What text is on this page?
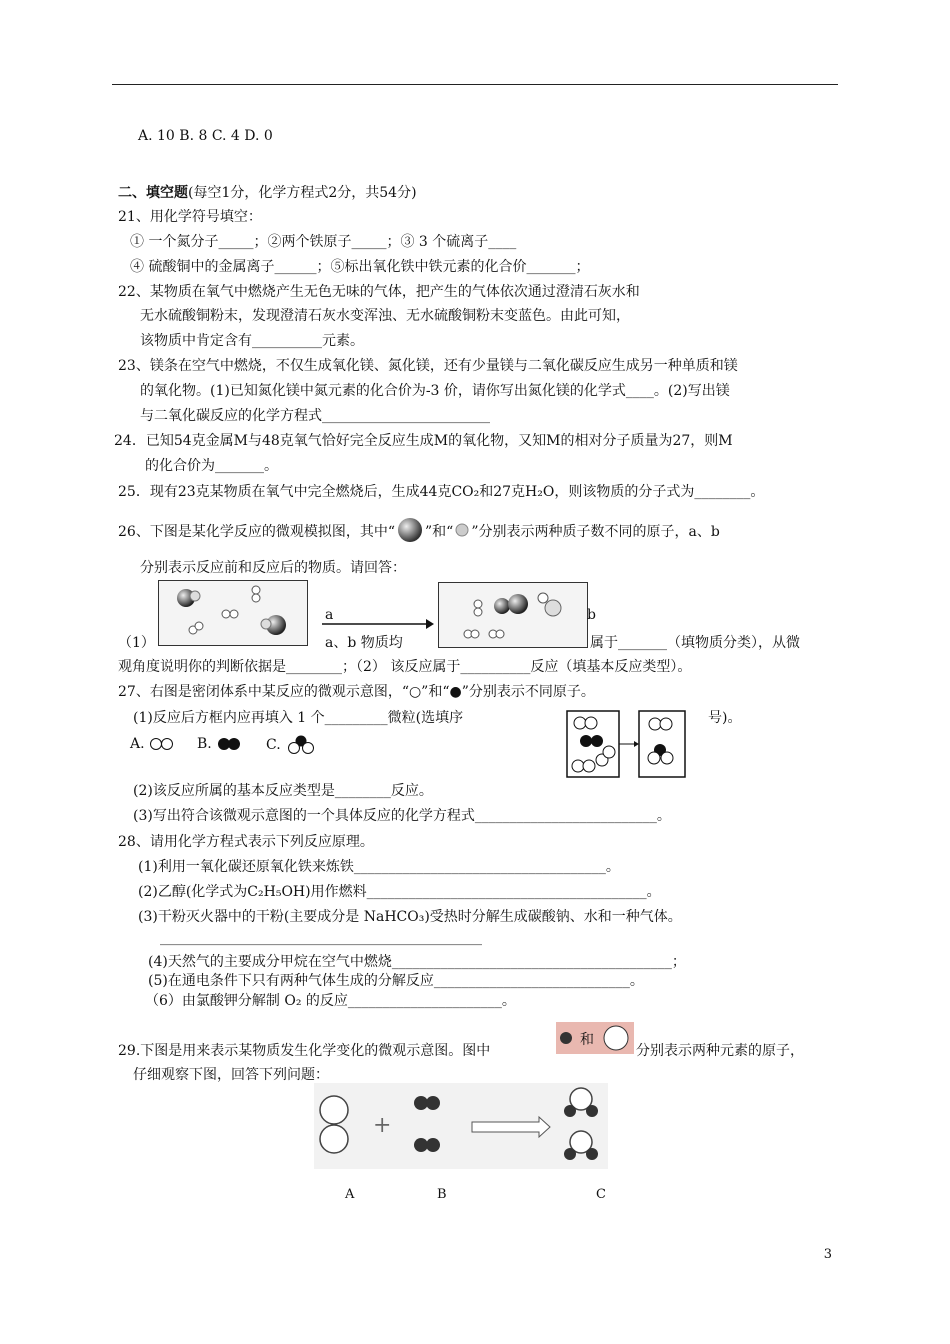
A. 10 B. 8 C. 4 D. 0
二、填空题(每空1分，化学方程式2分，共54分)
21、用化学符号填空：
① 一个氮分子_____；②两个铁原子_____；③ 3 个硫离子____
④ 硫酸铜中的金属离子______；⑤标出氧化铁中铁元素的化合价_______；
22、某物质在氧气中燃烧产生无色无味的气体，把产生的气体依次通过澄清石灰水和
无水硫酸铜粉末，发现澄清石灰水变浑浊、无水硫酸铜粉末变蓝色。由此可知，
该物质中肯定含有__________元素。
23、镁条在空气中燃烧，不仅生成氧化镁、氮化镁，还有少量镁与二氧化碳反应生成另一种单质和镁
的氧化物。(1)已知氮化镁中氮元素的化合价为-3 价，请你写出氮化镁的化学式____。(2)写出镁
与二氧化碳反应的化学方程式________________________
24．已知54克金属M与48克氧气恰好完全反应生成M的氧化物，又知M的相对分子质量为27，则M
的化合价为_______。
25．现有23克某物质在氧气中完全燃烧后，生成44克CO₂和27克H₂O，则该物质的分子式为________。
26、下图是某化学反应的微观模拟图，其中“ ”和“ ”分别表示两种质子数不同的原子，a、b
分别表示反应前和反应后的物质。请回答：
a	b
（1）	a、b 物质均	属于_______（填物质分类），从微
观角度说明你的判断依据是________；（2） 该反应属于__________反应（填基本反应类型）。
27、右图是密闭体系中某反应的微观示意图，“○”和“●”分别表示不同原子。
(1)反应后方框内应再填入 1 个_________微粒(选填序	号)。
A.	B.	C.
(2)该反应所属的基本反应类型是________反应。
(3)写出符合该微观示意图的一个具体反应的化学方程式__________________________。
28、请用化学方程式表示下列反应原理。
(1)利用一氧化碳还原氧化铁来炼铁____________________________________。
(2)乙醇(化学式为C₂H₅OH)用作燃料________________________________________。
(3)干粉灭火器中的干粉(主要成分是 NaHCO₃)受热时分解生成碳酸钠、水和一种气体。
______________________________________________
(4)天然气的主要成分甲烷在空气中燃烧________________________________________；
(5)在通电条件下只有两种气体生成的分解反应____________________________。
（6）由氯酸钾分解制 O₂ 的反应______________________。
29.下图是用来表示某物质发生化学变化的微观示意图。图中
和
分别表示两种元素的原子，
仔细观察下图，回答下列问题：
+
A	B	C
3
